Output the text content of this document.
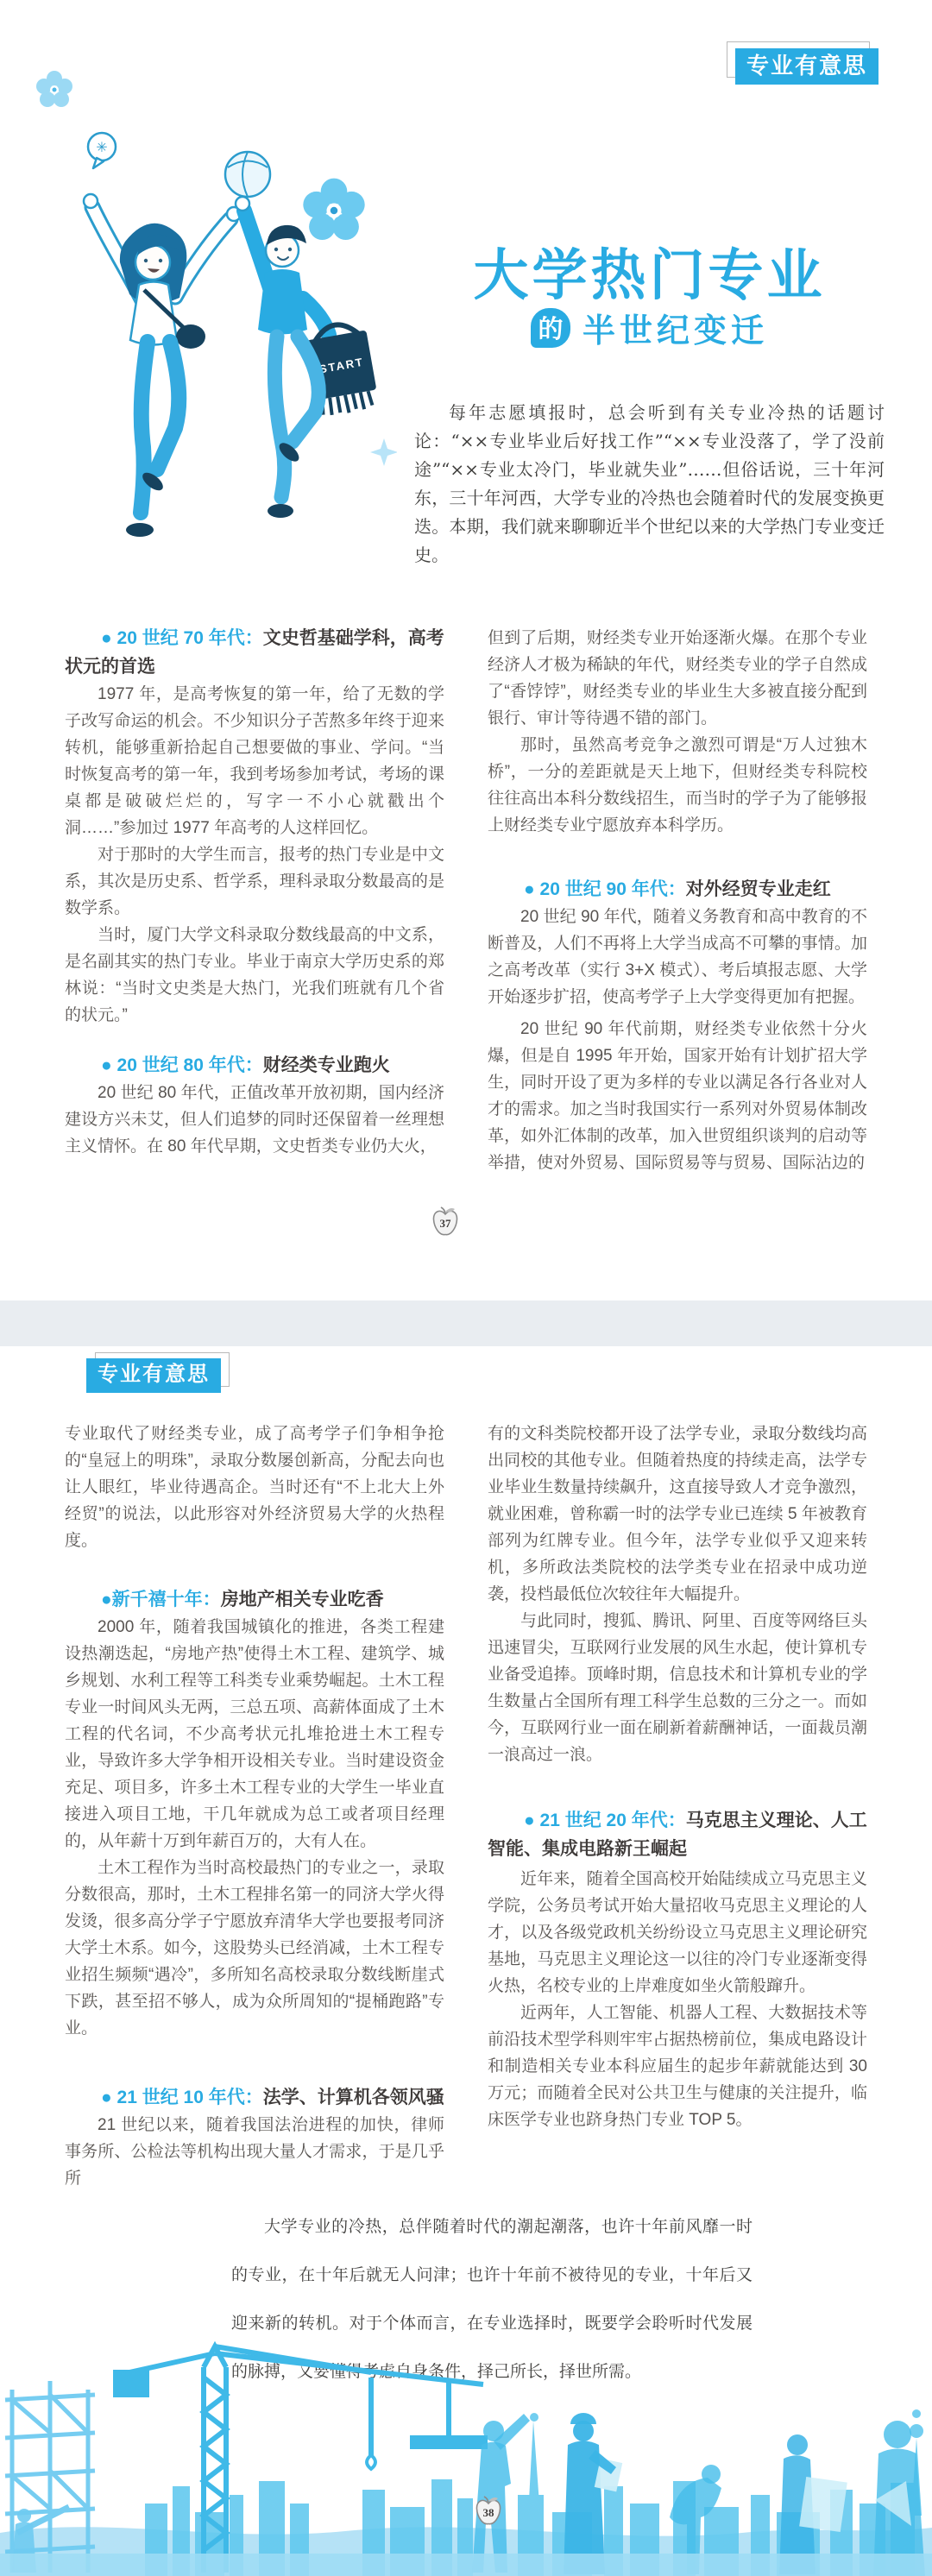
专业有意思
✳
START
大学热门专业
的 半世纪变迁

每年志愿填报时，总会听到有关专业冷热的话题讨论：“××专业毕业后好找工作”“××专业没落了，学了没前途”“××专业太冷门，毕业就失业”……但俗话说，三十年河东，三十年河西，大学专业的冷热也会随着时代的发展变换更迭。本期，我们就来聊聊近半个世纪以来的大学热门专业变迁史。

● 20 世纪 70 年代：文史哲基础学科，高考状元的首选

1977 年，是高考恢复的第一年，给了无数的学子改写命运的机会。不少知识分子苦熬多年终于迎来转机，能够重新拾起自己想要做的事业、学问。“当时恢复高考的第一年，我到考场参加考试，考场的课桌都是破破烂烂的，写字一不小心就戳出个洞……”参加过 1977 年高考的人这样回忆。

对于那时的大学生而言，报考的热门专业是中文系，其次是历史系、哲学系，理科录取分数最高的是数学系。

当时，厦门大学文科录取分数线最高的中文系，是名副其实的热门专业。毕业于南京大学历史系的郑林说：“当时文史类是大热门，光我们班就有几个省的状元。”

● 20 世纪 80 年代：财经类专业跑火

20 世纪 80 年代，正值改革开放初期，国内经济建设方兴未艾，但人们追梦的同时还保留着一丝理想主义情怀。在 80 年代早期，文史哲类专业仍大火，

但到了后期，财经类专业开始逐渐火爆。在那个专业经济人才极为稀缺的年代，财经类专业的学子自然成了“香饽饽”，财经类专业的毕业生大多被直接分配到银行、审计等待遇不错的部门。

那时，虽然高考竞争之激烈可谓是“万人过独木桥”，一分的差距就是天上地下，但财经类专科院校往往高出本科分数线招生，而当时的学子为了能够报上财经类专业宁愿放弃本科学历。

● 20 世纪 90 年代：对外经贸专业走红

20 世纪 90 年代，随着义务教育和高中教育的不断普及，人们不再将上大学当成高不可攀的事情。加之高考改革（实行 3+X 模式）、考后填报志愿、大学开始逐步扩招，使高考学子上大学变得更加有把握。

20 世纪 90 年代前期，财经类专业依然十分火爆，但是自 1995 年开始，国家开始有计划扩招大学生，同时开设了更为多样的专业以满足各行各业对人才的需求。加之当时我国实行一系列对外贸易体制改革，如外汇体制的改革，加入世贸组织谈判的启动等举措，使对外贸易、国际贸易等与贸易、国际沾边的

37
专业有意思

专业取代了财经类专业，成了高考学子们争相争抢的“皇冠上的明珠”，录取分数屡创新高，分配去向也让人眼红，毕业待遇高企。当时还有“不上北大上外经贸”的说法，以此形容对外经济贸易大学的火热程度。

●新千禧十年：房地产相关专业吃香

2000 年，随着我国城镇化的推进，各类工程建设热潮迭起，“房地产热”使得土木工程、建筑学、城乡规划、水利工程等工科类专业乘势崛起。土木工程专业一时间风头无两，三总五项、高薪体面成了土木工程的代名词，不少高考状元扎堆抢进土木工程专业，导致许多大学争相开设相关专业。当时建设资金充足、项目多，许多土木工程专业的大学生一毕业直接进入项目工地，干几年就成为总工或者项目经理的，从年薪十万到年薪百万的，大有人在。

土木工程作为当时高校最热门的专业之一，录取分数很高，那时，土木工程排名第一的同济大学火得发烫，很多高分学子宁愿放弃清华大学也要报考同济大学土木系。如今，这股势头已经消减，土木工程专业招生频频“遇冷”，多所知名高校录取分数线断崖式下跌，甚至招不够人，成为众所周知的“提桶跑路”专业。

● 21 世纪 10 年代：法学、计算机各领风骚

21 世纪以来，随着我国法治进程的加快，律师事务所、公检法等机构出现大量人才需求，于是几乎所

有的文科类院校都开设了法学专业，录取分数线均高出同校的其他专业。但随着热度的持续走高，法学专业毕业生数量持续飙升，这直接导致人才竞争激烈，就业困难，曾称霸一时的法学专业已连续 5 年被教育部列为红牌专业。但今年，法学专业似乎又迎来转机，多所政法类院校的法学类专业在招录中成功逆袭，投档最低位次较往年大幅提升。

与此同时，搜狐、腾讯、阿里、百度等网络巨头迅速冒尖，互联网行业发展的风生水起，使计算机专业备受追捧。顶峰时期，信息技术和计算机专业的学生数量占全国所有理工科学生总数的三分之一。而如今，互联网行业一面在刷新着薪酬神话，一面裁员潮一浪高过一浪。

● 21 世纪 20 年代：马克思主义理论、人工智能、集成电路新王崛起

近年来，随着全国高校开始陆续成立马克思主义学院，公务员考试开始大量招收马克思主义理论的人才，以及各级党政机关纷纷设立马克思主义理论研究基地，马克思主义理论这一以往的冷门专业逐渐变得火热，名校专业的上岸难度如坐火箭般蹿升。

近两年，人工智能、机器人工程、大数据技术等前沿技术型学科则牢牢占据热榜前位，集成电路设计和制造相关专业本科应届生的起步年薪就能达到 30 万元；而随着全民对公共卫生与健康的关注提升，临床医学专业也跻身热门专业 TOP 5。

大学专业的冷热，总伴随着时代的潮起潮落，也许十年前风靡一时的专业，在十年后就无人问津；也许十年前不被待见的专业，十年后又迎来新的转机。对于个体而言，在专业选择时，既要学会聆听时代发展的脉搏，又要懂得考虑自身条件，择己所长，择世所需。

38
